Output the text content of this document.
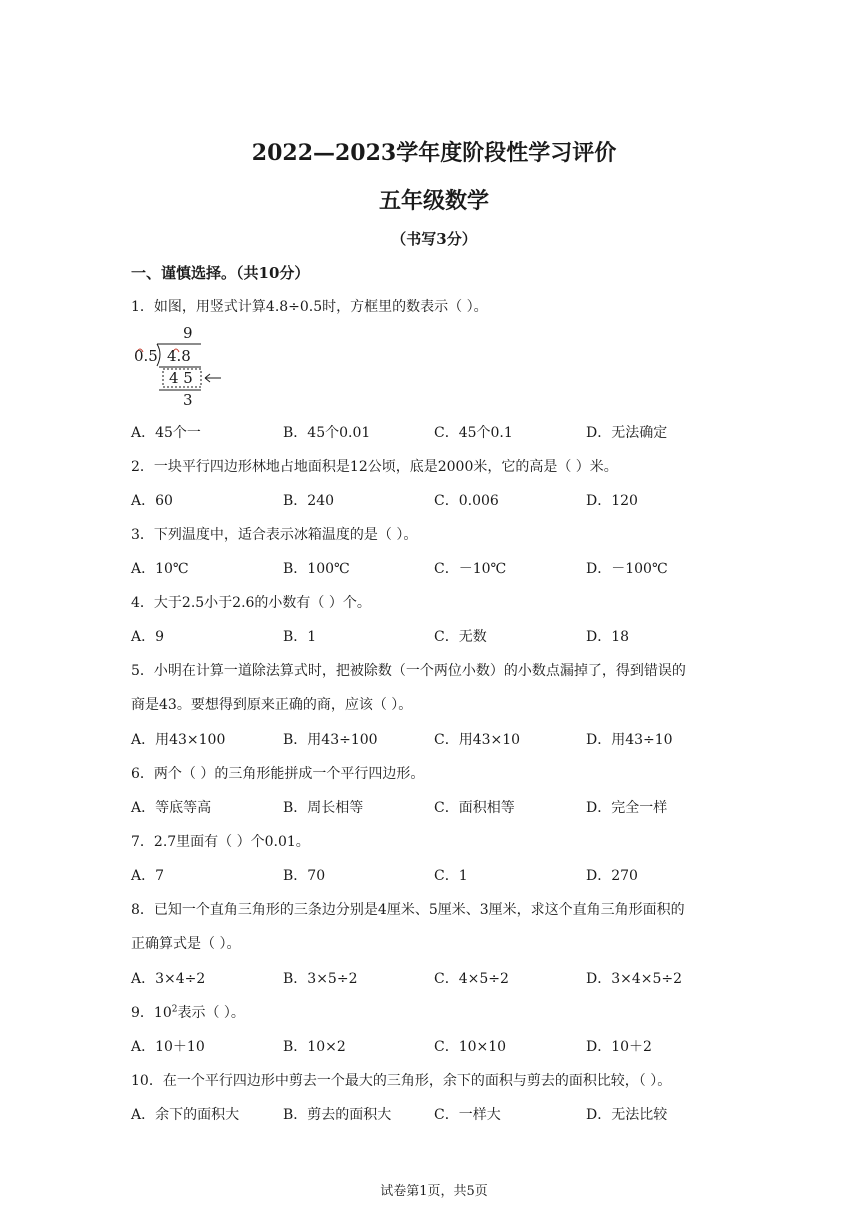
2022—2023学年度阶段性学习评价
五年级数学
（书写3分）
一、谨慎选择。（共10分）
1．如图，用竖式计算4.8÷0.5时，方框里的数表示（ ）。
9
0.5 4.8
4 5
3
A．45个一	B．45个0.01	C．45个0.1	D．无法确定
2．一块平行四边形林地占地面积是12公顷，底是2000米，它的高是（ ）米。
A．60	B．240	C．0.006	D．120
3．下列温度中，适合表示冰箱温度的是（ ）。
A．10℃	B．100℃	C．－10℃	D．－100℃
4．大于2.5小于2.6的小数有（ ）个。
A．9	B．1	C．无数	D．18
5．小明在计算一道除法算式时，把被除数（一个两位小数）的小数点漏掉了，得到错误的
商是43。要想得到原来正确的商，应该（ ）。
A．用43×100	B．用43÷100	C．用43×10	D．用43÷10
6．两个（ ）的三角形能拼成一个平行四边形。
A．等底等高	B．周长相等	C．面积相等	D．完全一样
7．2.7里面有（ ）个0.01。
A．7	B．70	C．1	D．270
8．已知一个直角三角形的三条边分别是4厘米、5厘米、3厘米，求这个直角三角形面积的
正确算式是（ ）。
A．3×4÷2	B．3×5÷2	C．4×5÷2	D．3×4×5÷2
9．$10^2$表示（ ）。
A．10＋10	B．10×2	C．10×10	D．10＋2
10．在一个平行四边形中剪去一个最大的三角形，余下的面积与剪去的面积比较，（ ）。
A．余下的面积大	B．剪去的面积大	C．一样大	D．无法比较
试卷第1页，共5页
